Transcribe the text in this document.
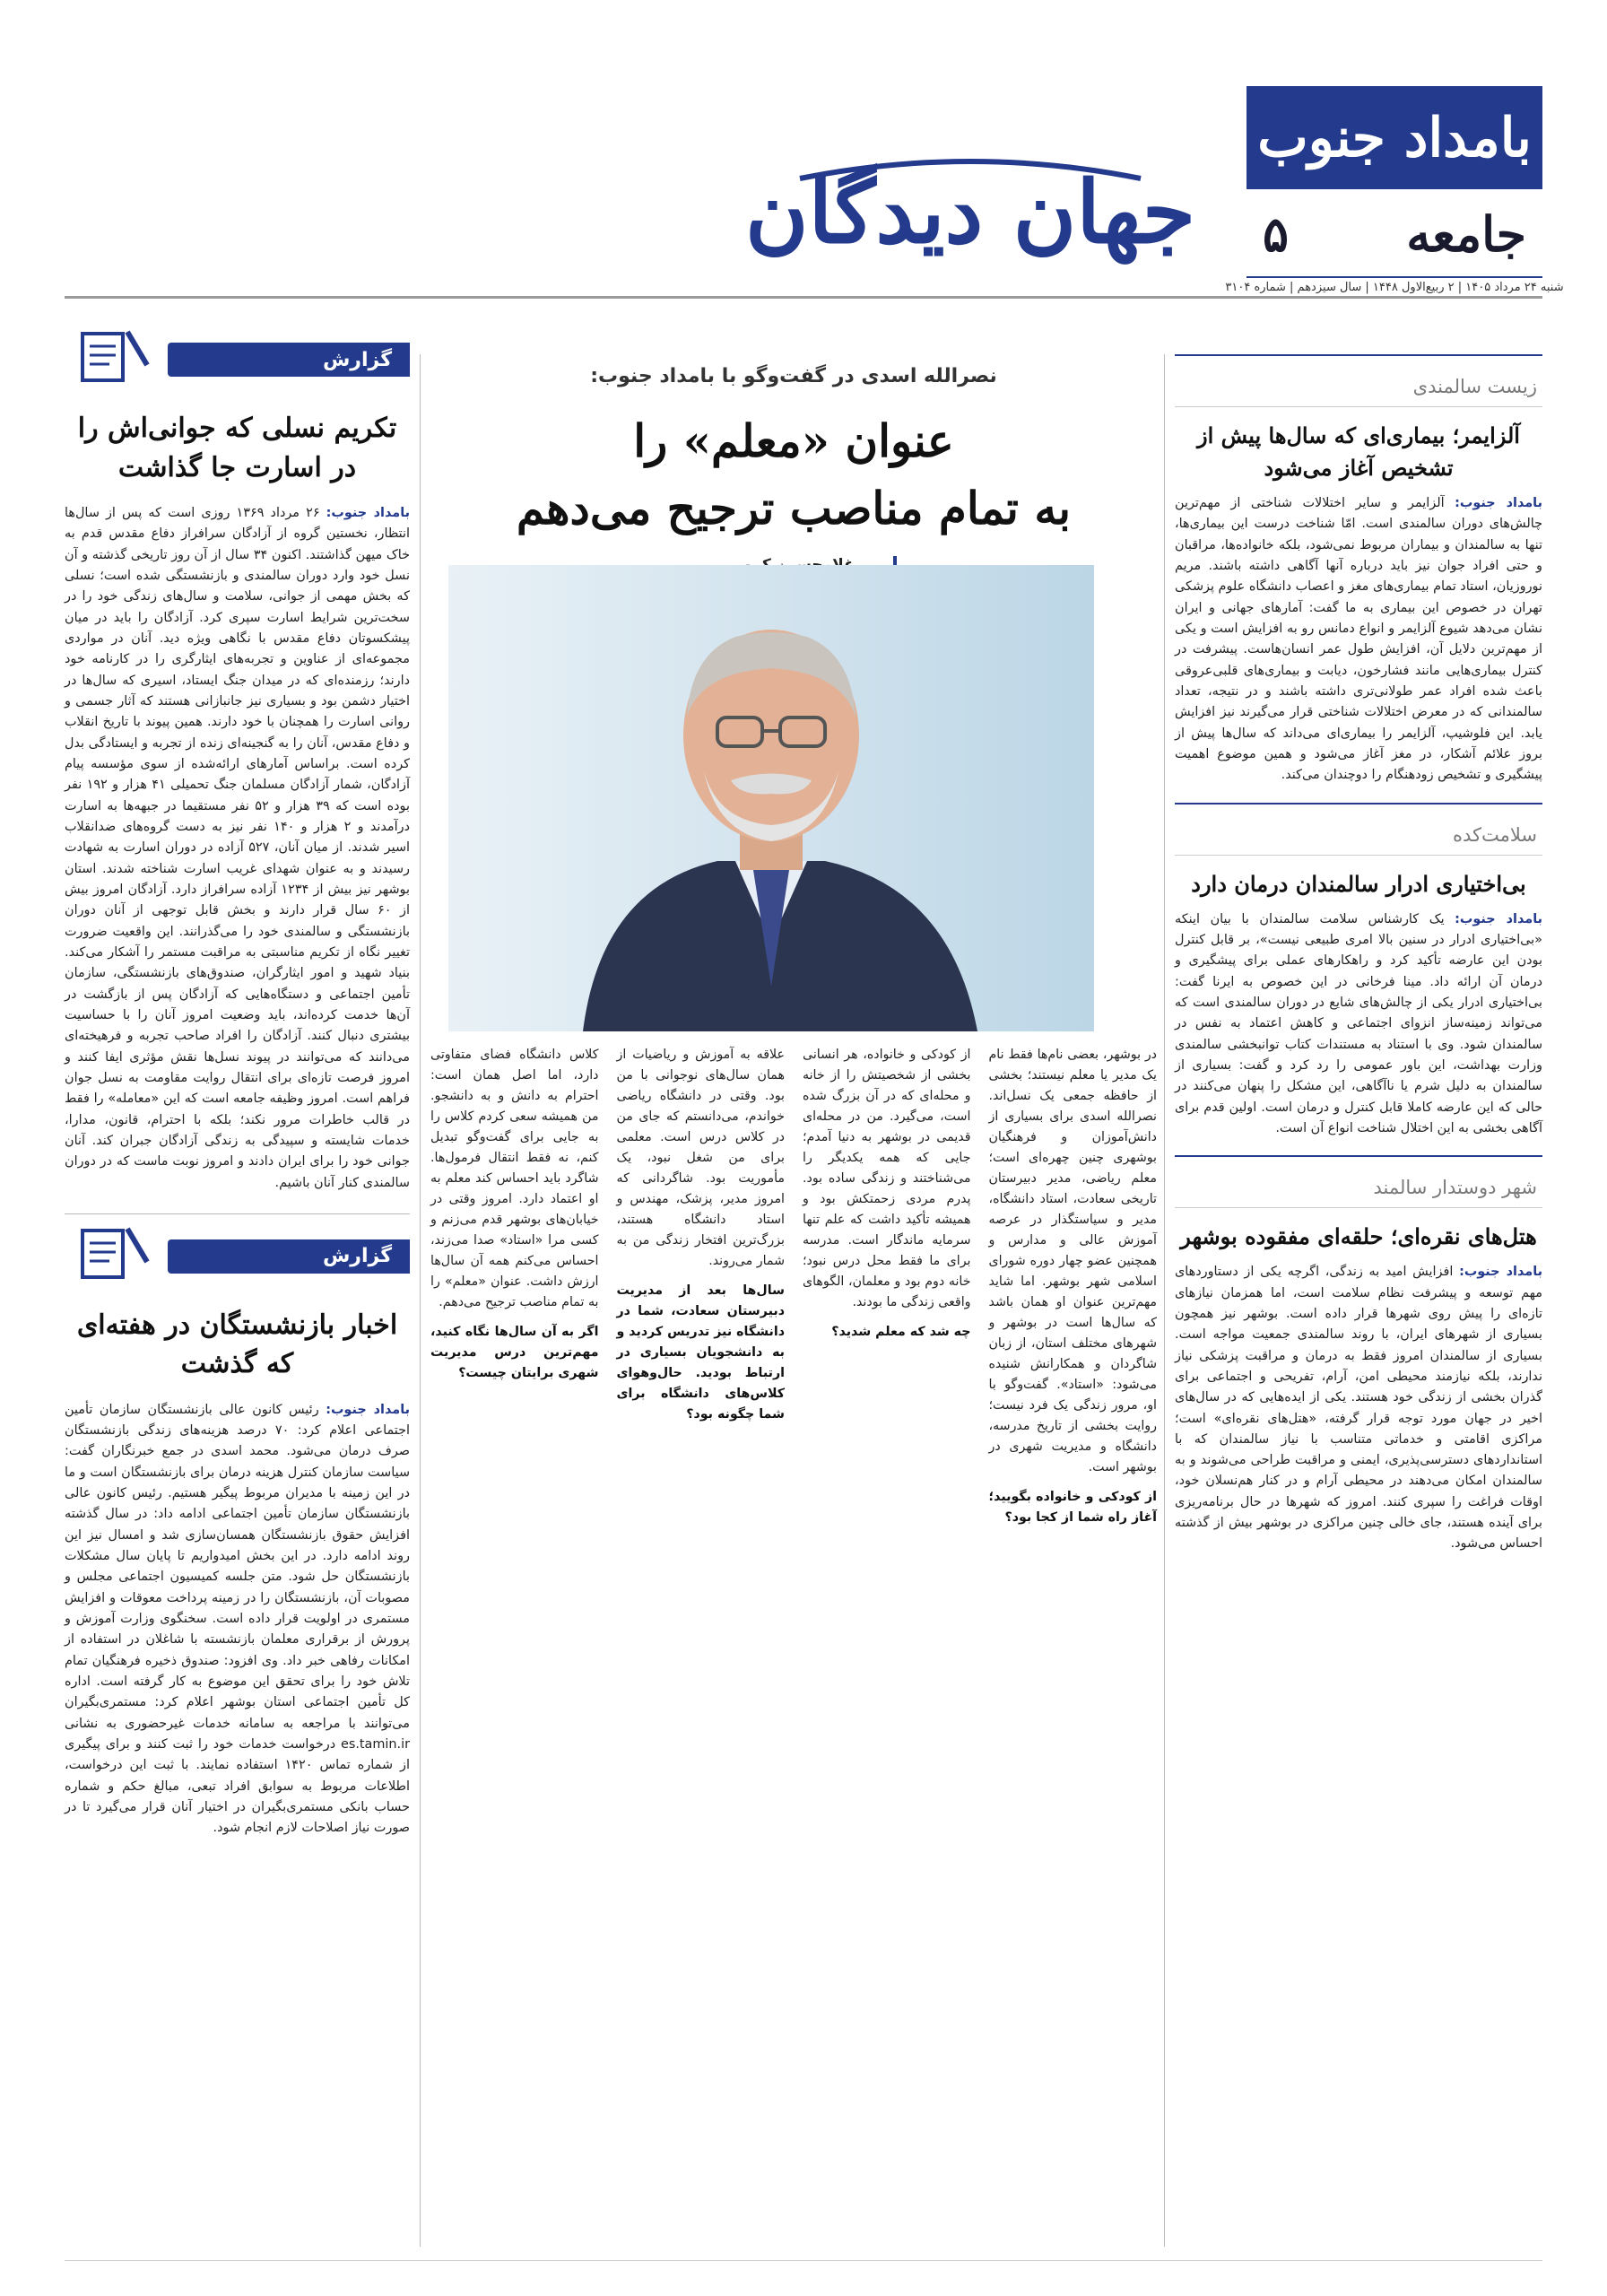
بامداد جنوب
جامعه
۵
شنبه ۲۴ مرداد ۱۴۰۵ | ۲ ربیع‌الاول ۱۴۴۸ | سال سیزدهم | شماره ۳۱۰۴
جهان دیدگان
گزارش
تکریم نسلی که جوانی‌اش را در اسارت جا گذاشت
بامداد جنوب: ۲۶ مرداد ۱۳۶۹ روزی است که پس از سال‌ها انتظار، نخستین گروه از آزادگان سرافراز دفاع مقدس قدم به خاک میهن گذاشتند. اکنون ۳۴ سال از آن روز تاریخی گذشته و آن نسل خود وارد دوران سالمندی و بازنشستگی شده است؛ نسلی که بخش مهمی از جوانی، سلامت و سال‌های زندگی خود را در سخت‌ترین شرایط اسارت سپری کرد. آزادگان را باید در میان پیشکسوتان دفاع مقدس با نگاهی ویژه دید. آنان در مواردی مجموعه‌ای از عناوین و تجربه‌های ایثارگری را در کارنامه خود دارند؛ رزمنده‌ای که در میدان جنگ ایستاد، اسیری که سال‌ها در اختیار دشمن بود و بسیاری نیز جانبازانی هستند که آثار جسمی و روانی اسارت را همچنان با خود دارند. همین پیوند با تاریخ انقلاب و دفاع مقدس، آنان را به گنجینه‌ای زنده از تجربه و ایستادگی بدل کرده است. براساس آمارهای ارائه‌شده از سوی مؤسسه پیام آزادگان، شمار آزادگان مسلمان جنگ تحمیلی ۴۱ هزار و ۱۹۲ نفر بوده است که ۳۹ هزار و ۵۲ نفر مستقیما در جبهه‌ها به اسارت درآمدند و ۲ هزار و ۱۴۰ نفر نیز به دست گروه‌های ضدانقلاب اسیر شدند. از میان آنان، ۵۲۷ آزاده در دوران اسارت به شهادت رسیدند و به عنوان شهدای غریب اسارت شناخته شدند. استان بوشهر نیز بیش از ۱۲۳۴ آزاده سرافراز دارد. آزادگان امروز بیش از ۶۰ سال قرار دارند و بخش قابل توجهی از آنان دوران بازنشستگی و سالمندی خود را می‌گذرانند. این واقعیت ضرورت تغییر نگاه از تکریم مناسبتی به مراقبت مستمر را آشکار می‌کند. بنیاد شهید و امور ایثارگران، صندوق‌های بازنشستگی، سازمان تأمین اجتماعی و دستگاه‌هایی که آزادگان پس از بازگشت در آن‌ها خدمت کرده‌اند، باید وضعیت امروز آنان را با حساسیت بیشتری دنبال کنند. آزادگان را افراد صاحب تجربه و فرهیخته‌ای می‌دانند که می‌توانند در پیوند نسل‌ها نقش مؤثری ایفا کنند و امروز فرصت تازه‌ای برای انتقال روایت مقاومت به نسل جوان فراهم است. امروز وظیفه جامعه است که این «معامله» را فقط در قالب خاطرات مرور نکند؛ بلکه با احترام، قانون، مدارا، خدمات شایسته و سپیدگی به زندگی آزادگان جبران کند. آنان جوانی خود را برای ایران دادند و امروز نوبت ماست که در دوران سالمندی کنار آنان باشیم.
گزارش
اخبار بازنشستگان در هفته‌ای که گذشت
بامداد جنوب: رئیس کانون عالی بازنشستگان سازمان تأمین اجتماعی اعلام کرد: ۷۰ درصد هزینه‌های زندگی بازنشستگان صرف درمان می‌شود. محمد اسدی در جمع خبرنگاران گفت: سیاست سازمان کنترل هزینه درمان برای بازنشستگان است و ما در این زمینه با مدیران مربوط پیگیر هستیم. رئیس کانون عالی بازنشستگان سازمان تأمین اجتماعی ادامه داد: در سال گذشته افزایش حقوق بازنشستگان همسان‌سازی شد و امسال نیز این روند ادامه دارد. در این بخش امیدواریم تا پایان سال مشکلات بازنشستگان حل شود. متن جلسه کمیسیون اجتماعی مجلس و مصوبات آن، بازنشستگان را در زمینه پرداخت معوقات و افزایش مستمری در اولویت قرار داده است. سخنگوی وزارت آموزش و پرورش از برقراری معلمان بازنشسته با شاغلان در استفاده از امکانات رفاهی خبر داد. وی افزود: صندوق ذخیره فرهنگیان تمام تلاش خود را برای تحقق این موضوع به کار گرفته است. اداره کل تأمین اجتماعی استان بوشهر اعلام کرد: مستمری‌بگیران می‌توانند با مراجعه به سامانه خدمات غیرحضوری به نشانی es.tamin.ir درخواست خدمات خود را ثبت کنند و برای پیگیری از شماره تماس ۱۴۲۰ استفاده نمایند. با ثبت این درخواست، اطلاعات مربوط به سوابق افراد تبعی، مبالغ حکم و شماره حساب بانکی مستمری‌بگیران در اختیار آنان قرار می‌گیرد تا در صورت نیاز اصلاحات لازم انجام شود.
نصرالله اسدی در گفت‌وگو با بامداد جنوب:
عنوان «معلم» را
به تمام مناصب ترجیح می‌دهم
در بوشهر، بعضی نام‌ها فقط نام یک مدیر یا معلم نیستند؛ بخشی از حافظه جمعی یک نسل‌اند. نصرالله اسدی برای بسیاری از دانش‌آموزان و فرهنگیان بوشهری چنین چهره‌ای است؛ معلم ریاضی، مدیر دبیرستان تاریخی سعادت، استاد دانشگاه، مدیر و سیاستگذار در عرصه آموزش عالی و مدارس و همچنین عضو چهار دوره شورای اسلامی شهر بوشهر. اما شاید مهم‌ترین عنوان او همان باشد که سال‌ها است در بوشهر و شهرهای مختلف استان، از زبان شاگردان و همکارانش شنیده می‌شود: «استاد». گفت‌وگو با او، مرور زندگی یک فرد نیست؛ روایت بخشی از تاریخ مدرسه، دانشگاه و مدیریت شهری در بوشهر است.
از کودکی و خانواده بگویید؛ آغاز راه شما از کجا بود؟
از کودکی و خانواده، هر انسانی بخشی از شخصیتش را از خانه و محله‌ای که در آن بزرگ شده است، می‌گیرد. من در محله‌ای قدیمی در بوشهر به دنیا آمدم؛ جایی که همه یکدیگر را می‌شناختند و زندگی ساده بود. پدرم مردی زحمتکش بود و همیشه تأکید داشت که علم تنها سرمایه ماندگار است. مدرسه برای ما فقط محل درس نبود؛ خانه دوم بود و معلمان، الگوهای واقعی زندگی ما بودند.
چه شد که معلم شدید؟
علاقه به آموزش و ریاضیات از همان سال‌های نوجوانی با من بود. وقتی در دانشگاه ریاضی خواندم، می‌دانستم که جای من در کلاس درس است. معلمی برای من شغل نبود، یک مأموریت بود. شاگردانی که امروز مدیر، پزشک، مهندس و استاد دانشگاه هستند، بزرگ‌ترین افتخار زندگی من به شمار می‌روند.
سال‌ها بعد از مدیریت دبیرستان سعادت، شما در دانشگاه نیز تدریس کردید و به دانشجویان بسیاری در ارتباط بودید. حال‌وهوای کلاس‌های دانشگاه برای شما چگونه بود؟
کلاس دانشگاه فضای متفاوتی دارد، اما اصل همان است: احترام به دانش و به دانشجو. من همیشه سعی کردم کلاس را به جایی برای گفت‌وگو تبدیل کنم، نه فقط انتقال فرمول‌ها. شاگرد باید احساس کند معلم به او اعتماد دارد. امروز وقتی در خیابان‌های بوشهر قدم می‌زنم و کسی مرا «استاد» صدا می‌زند، احساس می‌کنم همه آن سال‌ها ارزش داشت. عنوان «معلم» را به تمام مناصب ترجیح می‌دهم.
اگر به آن سال‌ها نگاه کنید، مهم‌ترین درس مدیریت شهری برایتان چیست؟
زیست سالمندی
آلزایمر؛ بیماری‌ای که سال‌ها پیش از تشخیص آغاز می‌شود
بامداد جنوب: آلزایمر و سایر اختلالات شناختی از مهم‌ترین چالش‌های دوران سالمندی است. امّا شناخت درست این بیماری‌ها، تنها به سالمندان و بیماران مربوط نمی‌شود، بلکه خانواده‌ها، مراقبان و حتی افراد جوان نیز باید درباره آنها آگاهی داشته باشند. مریم نوروزیان، استاد تمام بیماری‌های مغز و اعصاب دانشگاه علوم پزشکی تهران در خصوص این بیماری به ما گفت: آمارهای جهانی و ایران نشان می‌دهد شیوع آلزایمر و انواع دمانس رو به افزایش است و یکی از مهم‌ترین دلایل آن، افزایش طول عمر انسان‌هاست. پیشرفت در کنترل بیماری‌هایی مانند فشارخون، دیابت و بیماری‌های قلبی‌عروقی باعث شده افراد عمر طولانی‌تری داشته باشند و در نتیجه، تعداد سالمندانی که در معرض اختلالات شناختی قرار می‌گیرند نیز افزایش یابد. این فلوشیپ، آلزایمر را بیماری‌ای می‌داند که سال‌ها پیش از بروز علائم آشکار، در مغز آغاز می‌شود و همین موضوع اهمیت پیشگیری و تشخیص زودهنگام را دوچندان می‌کند.
سلامت‌کده
بی‌اختیاری ادرار سالمندان درمان دارد
بامداد جنوب: یک کارشناس سلامت سالمندان با بیان اینکه «بی‌اختیاری ادرار در سنین بالا امری طبیعی نیست»، بر قابل کنترل بودن این عارضه تأکید کرد و راهکارهای عملی برای پیشگیری و درمان آن ارائه داد. مینا فرخانی در این خصوص به ایرنا گفت: بی‌اختیاری ادرار یکی از چالش‌های شایع در دوران سالمندی است که می‌تواند زمینه‌ساز انزوای اجتماعی و کاهش اعتماد به نفس در سالمندان شود. وی با استناد به مستندات کتاب توانبخشی سالمندی وزارت بهداشت، این باور عمومی را رد کرد و گفت: بسیاری از سالمندان به دلیل شرم یا ناآگاهی، این مشکل را پنهان می‌کنند در حالی که این عارضه کاملا قابل کنترل و درمان است. اولین قدم برای آگاهی بخشی به این اختلال شناخت انواع آن است.
شهر دوستدار سالمند
هتل‌های نقره‌ای؛ حلقه‌ای مفقوده بوشهر
بامداد جنوب: افزایش امید به زندگی، اگرچه یکی از دستاوردهای مهم توسعه و پیشرفت نظام سلامت است، اما همزمان نیازهای تازه‌ای را پیش روی شهرها قرار داده است. بوشهر نیز همچون بسیاری از شهرهای ایران، با روند سالمندی جمعیت مواجه است. بسیاری از سالمندان امروز فقط به درمان و مراقبت پزشکی نیاز ندارند، بلکه نیازمند محیطی امن، آرام، تفریحی و اجتماعی برای گذران بخشی از زندگی خود هستند. یکی از ایده‌هایی که در سال‌های اخیر در جهان مورد توجه قرار گرفته، «هتل‌های نقره‌ای» است؛ مراکزی اقامتی و خدماتی متناسب با نیاز سالمندان که با استانداردهای دسترسی‌پذیری، ایمنی و مراقبت طراحی می‌شوند و به سالمندان امکان می‌دهند در محیطی آرام و در کنار هم‌نسلان خود، اوقات فراغت را سپری کنند. امروز که شهرها در حال برنامه‌ریزی برای آینده هستند، جای خالی چنین مراکزی در بوشهر بیش از گذشته احساس می‌شود.
